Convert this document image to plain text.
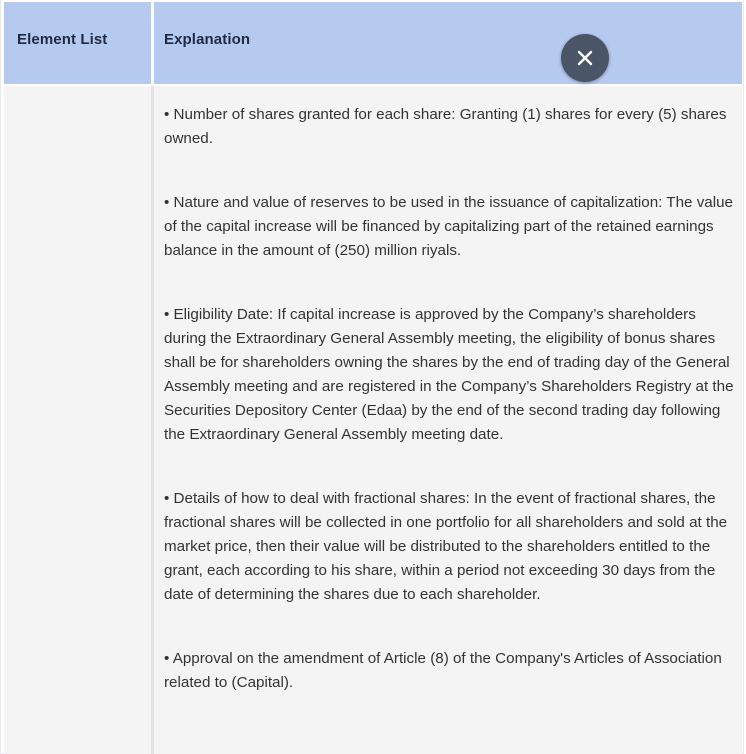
Element List	Explanation

• Number of shares granted for each share: Granting (1) shares for every (5) shares owned.

• Nature and value of reserves to be used in the issuance of capitalization: The value of the capital increase will be financed by capitalizing part of the retained earnings balance in the amount of (250) million riyals.

• Eligibility Date: If capital increase is approved by the Company’s shareholders during the Extraordinary General Assembly meeting, the eligibility of bonus shares shall be for shareholders owning the shares by the end of trading day of the General Assembly meeting and are registered in the Company’s Shareholders Registry at the Securities Depository Center (Edaa) by the end of the second trading day following the Extraordinary General Assembly meeting date.

• Details of how to deal with fractional shares: In the event of fractional shares, the fractional shares will be collected in one portfolio for all shareholders and sold at the market price, then their value will be distributed to the shareholders entitled to the grant, each according to his share, within a period not exceeding 30 days from the date of determining the shares due to each shareholder.

• Approval on the amendment of Article (8) of the Company's Articles of Association related to (Capital).
